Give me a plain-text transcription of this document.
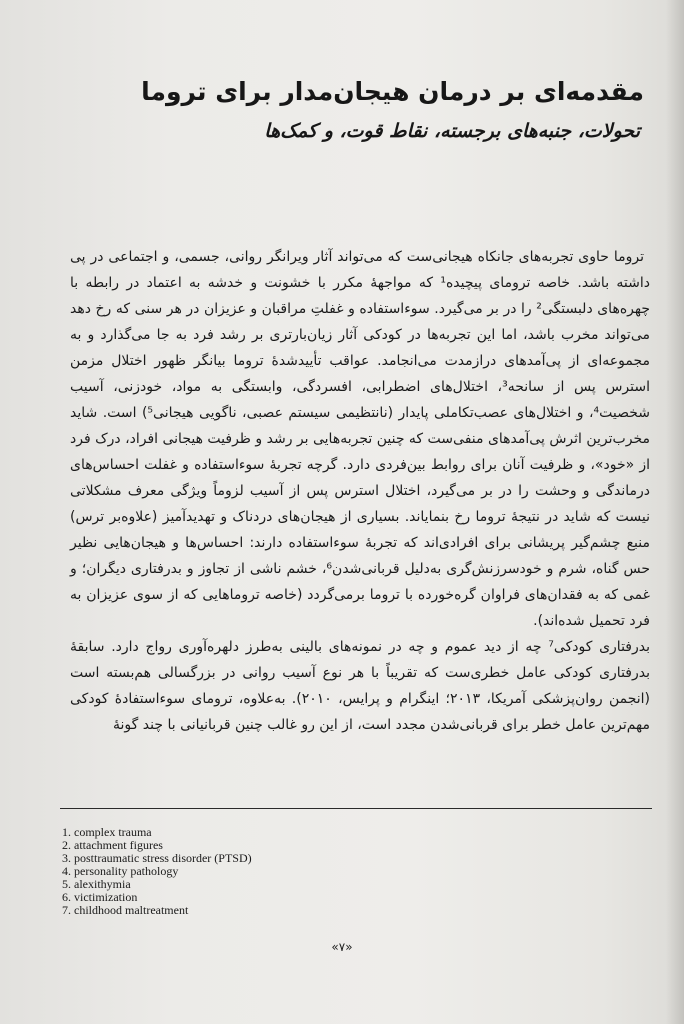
مقدمه‌ای بر درمان هیجان‌مدار برای تروما
تحولات، جنبه‌های برجسته، نقاط قوت، و کمک‌ها

تروما حاوی تجربه‌های جانکاه هیجانی‌ست که می‌تواند آثار ویرانگر روانی، جسمی، و اجتماعی در پی داشته باشد. خاصه ترومای پیچیده¹ که مواجههٔ مکرر با خشونت و خدشه به اعتماد در رابطه با چهره‌های دلبستگی² را در بر می‌گیرد. سوءاستفاده و غفلتِ مراقبان و عزیزان در هر سنی که رخ دهد می‌تواند مخرب باشد، اما این تجربه‌ها در کودکی آثار زیان‌بارتری بر رشد فرد به جا می‌گذارد و به مجموعه‌ای از پی‌آمدهای درازمدت می‌انجامد. عواقب تأییدشدهٔ تروما بیانگر ظهور اختلال مزمن استرس پس از سانحه³، اختلال‌های اضطرابی، افسردگی، وابستگی به مواد، خودزنی، آسیب شخصیت⁴، و اختلال‌های عصب‌تکاملی پایدار (نانتظیمی سیستم عصبی، ناگویی هیجانی⁵) است. شاید مخرب‌ترین اثرش پی‌آمدهای منفی‌ست که چنین تجربه‌هایی بر رشد و ظرفیت هیجانی افراد، درک فرد از «خود»، و ظرفیت آنان برای روابط بین‌فردی دارد. گرچه تجربهٔ سوءاستفاده و غفلت احساس‌های درماندگی و وحشت را در بر می‌گیرد، اختلال استرس پس از آسیب لزوماً ویژگی معرف مشکلاتی نیست که شاید در نتیجهٔ تروما رخ بنمایاند. بسیاری از هیجان‌های دردناک و تهدیدآمیز (علاوه‌بر ترس) منبع چشم‌گیر پریشانی برای افرادی‌اند که تجربهٔ سوءاستفاده دارند: احساس‌ها و هیجان‌هایی نظیر حس گناه، شرم و خودسرزنش‌گری به‌دلیل قربانی‌شدن⁶، خشم ناشی از تجاوز و بدرفتاری دیگران؛ و غمی که به فقدان‌های فراوان گره‌خورده با تروما برمی‌گردد (خاصه تروماهایی که از سوی عزیزان به فرد تحمیل شده‌اند).

بدرفتاری کودکی⁷ چه از دید عموم و چه در نمونه‌های بالینی به‌طرز دلهره‌آوری رواج دارد. سابقهٔ بدرفتاری کودکی عامل خطری‌ست که تقریباً با هر نوع آسیب روانی در بزرگسالی هم‌بسته است (انجمن روان‌پزشکی آمریکا، ۲۰۱۳؛ اینگرام و پرایس، ۲۰۱۰). به‌علاوه، ترومای سوءاستفادهٔ کودکی مهم‌ترین عامل خطر برای قربانی‌شدن مجدد است، از این رو غالب چنین قربانیانی با چند گونهٔ

1. complex trauma
2. attachment figures
3. posttraumatic stress disorder (PTSD)
4. personality pathology
5. alexithymia
6. victimization
7. childhood maltreatment
«۷»
